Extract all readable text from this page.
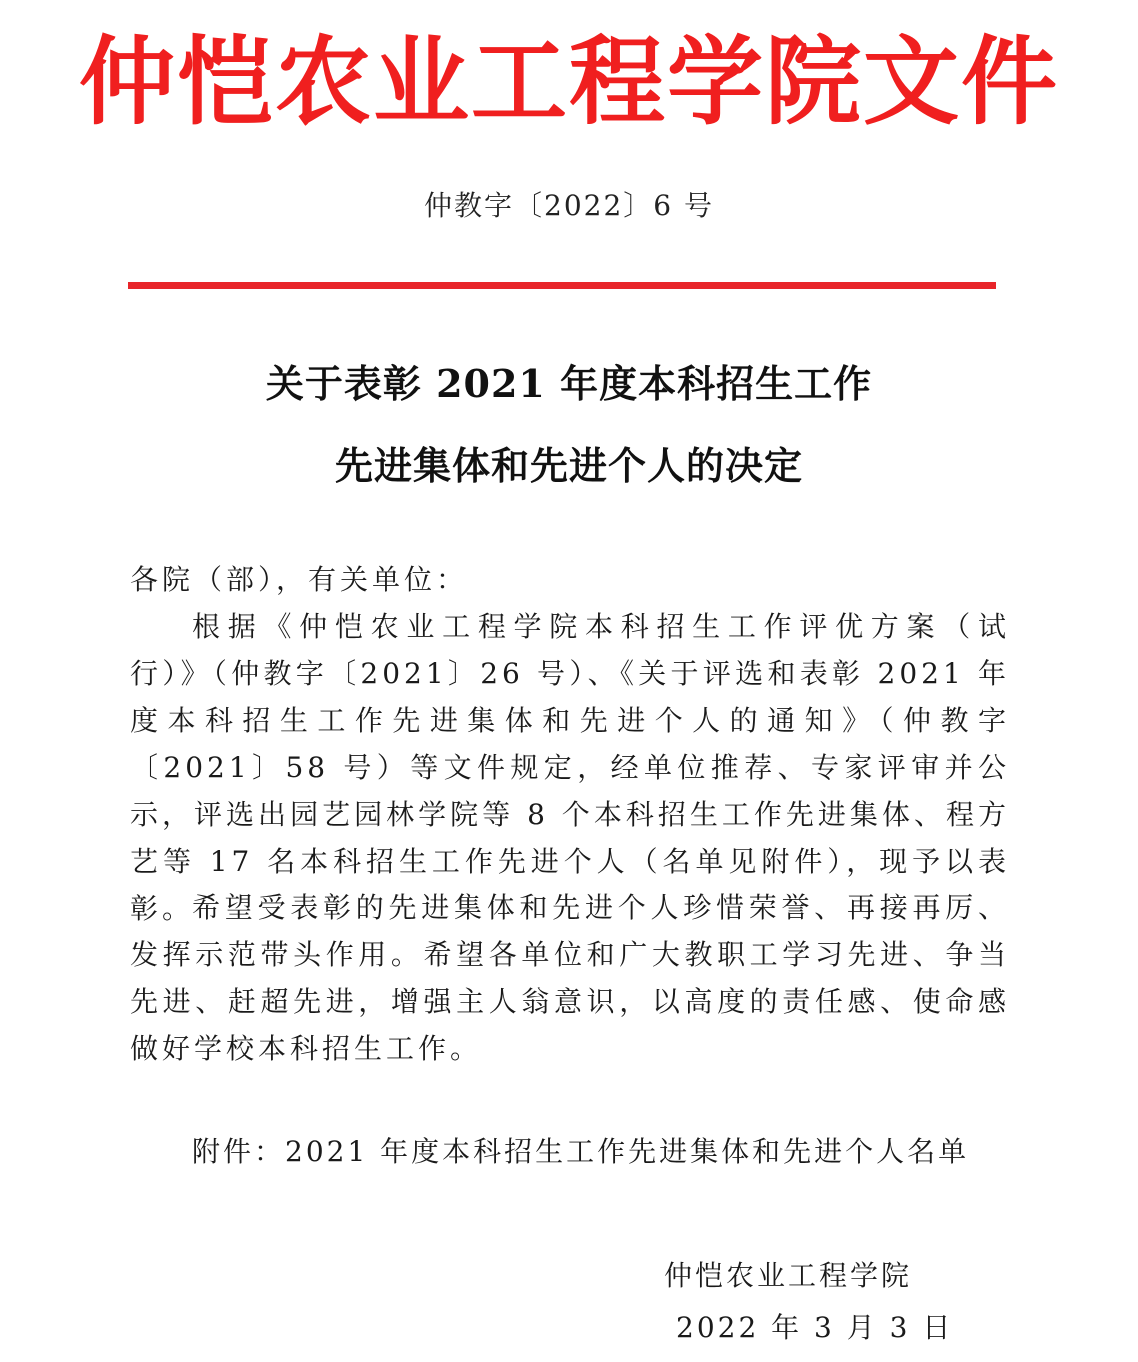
仲恺农业工程学院文件
仲教字〔2022〕6 号
关于表彰 2021 年度本科招生工作
先进集体和先进个人的决定
各院（部），有关单位：
根据《仲恺农业工程学院本科招生工作评优方案（试行）》（仲教字〔2021〕26 号）、《关于评选和表彰 2021 年度本科招生工作先进集体和先进个人的通知》（仲教字〔2021〕58 号）等文件规定，经单位推荐、专家评审并公示，评选出园艺园林学院等 8 个本科招生工作先进集体、程方艺等 17 名本科招生工作先进个人（名单见附件），现予以表彰。
希望受表彰的先进集体和先进个人珍惜荣誉、再接再厉、发挥示范带头作用。希望各单位和广大教职工学习先进、争当先进、赶超先进，增强主人翁意识，以高度的责任感、使命感做好学校本科招生工作。
附件：2021 年度本科招生工作先进集体和先进个人名单
仲恺农业工程学院
2022 年 3 月 3 日
